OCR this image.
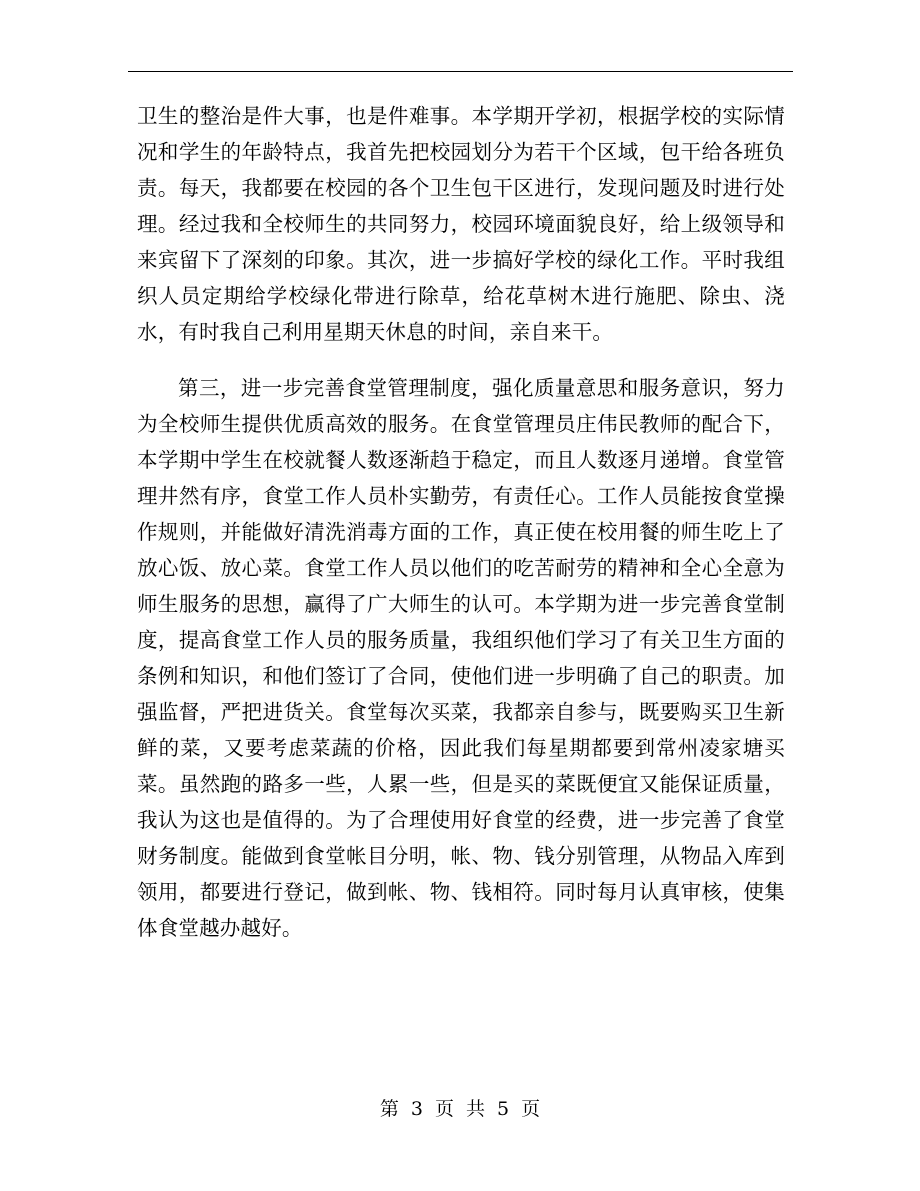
卫生的整治是件大事，也是件难事。本学期开学初，根据学校的实际情况和学生的年龄特点，我首先把校园划分为若干个区域，包干给各班负责。每天，我都要在校园的各个卫生包干区进行，发现问题及时进行处理。经过我和全校师生的共同努力，校园环境面貌良好，给上级领导和来宾留下了深刻的印象。其次，进一步搞好学校的绿化工作。平时我组织人员定期给学校绿化带进行除草，给花草树木进行施肥、除虫、浇水，有时我自己利用星期天休息的时间，亲自来干。

第三，进一步完善食堂管理制度，强化质量意思和服务意识，努力为全校师生提供优质高效的服务。在食堂管理员庄伟民教师的配合下，本学期中学生在校就餐人数逐渐趋于稳定，而且人数逐月递增。食堂管理井然有序，食堂工作人员朴实勤劳，有责任心。工作人员能按食堂操作规则，并能做好清洗消毒方面的工作，真正使在校用餐的师生吃上了放心饭、放心菜。食堂工作人员以他们的吃苦耐劳的精神和全心全意为师生服务的思想，赢得了广大师生的认可。本学期为进一步完善食堂制度，提高食堂工作人员的服务质量，我组织他们学习了有关卫生方面的条例和知识，和他们签订了合同，使他们进一步明确了自己的职责。加强监督，严把进货关。食堂每次买菜，我都亲自参与，既要购买卫生新鲜的菜，又要考虑菜蔬的价格，因此我们每星期都要到常州凌家塘买菜。虽然跑的路多一些，人累一些，但是买的菜既便宜又能保证质量，我认为这也是值得的。为了合理使用好食堂的经费，进一步完善了食堂财务制度。能做到食堂帐目分明，帐、物、钱分别管理，从物品入库到领用，都要进行登记，做到帐、物、钱相符。同时每月认真审核，使集体食堂越办越好。

第 3 页 共 5 页
